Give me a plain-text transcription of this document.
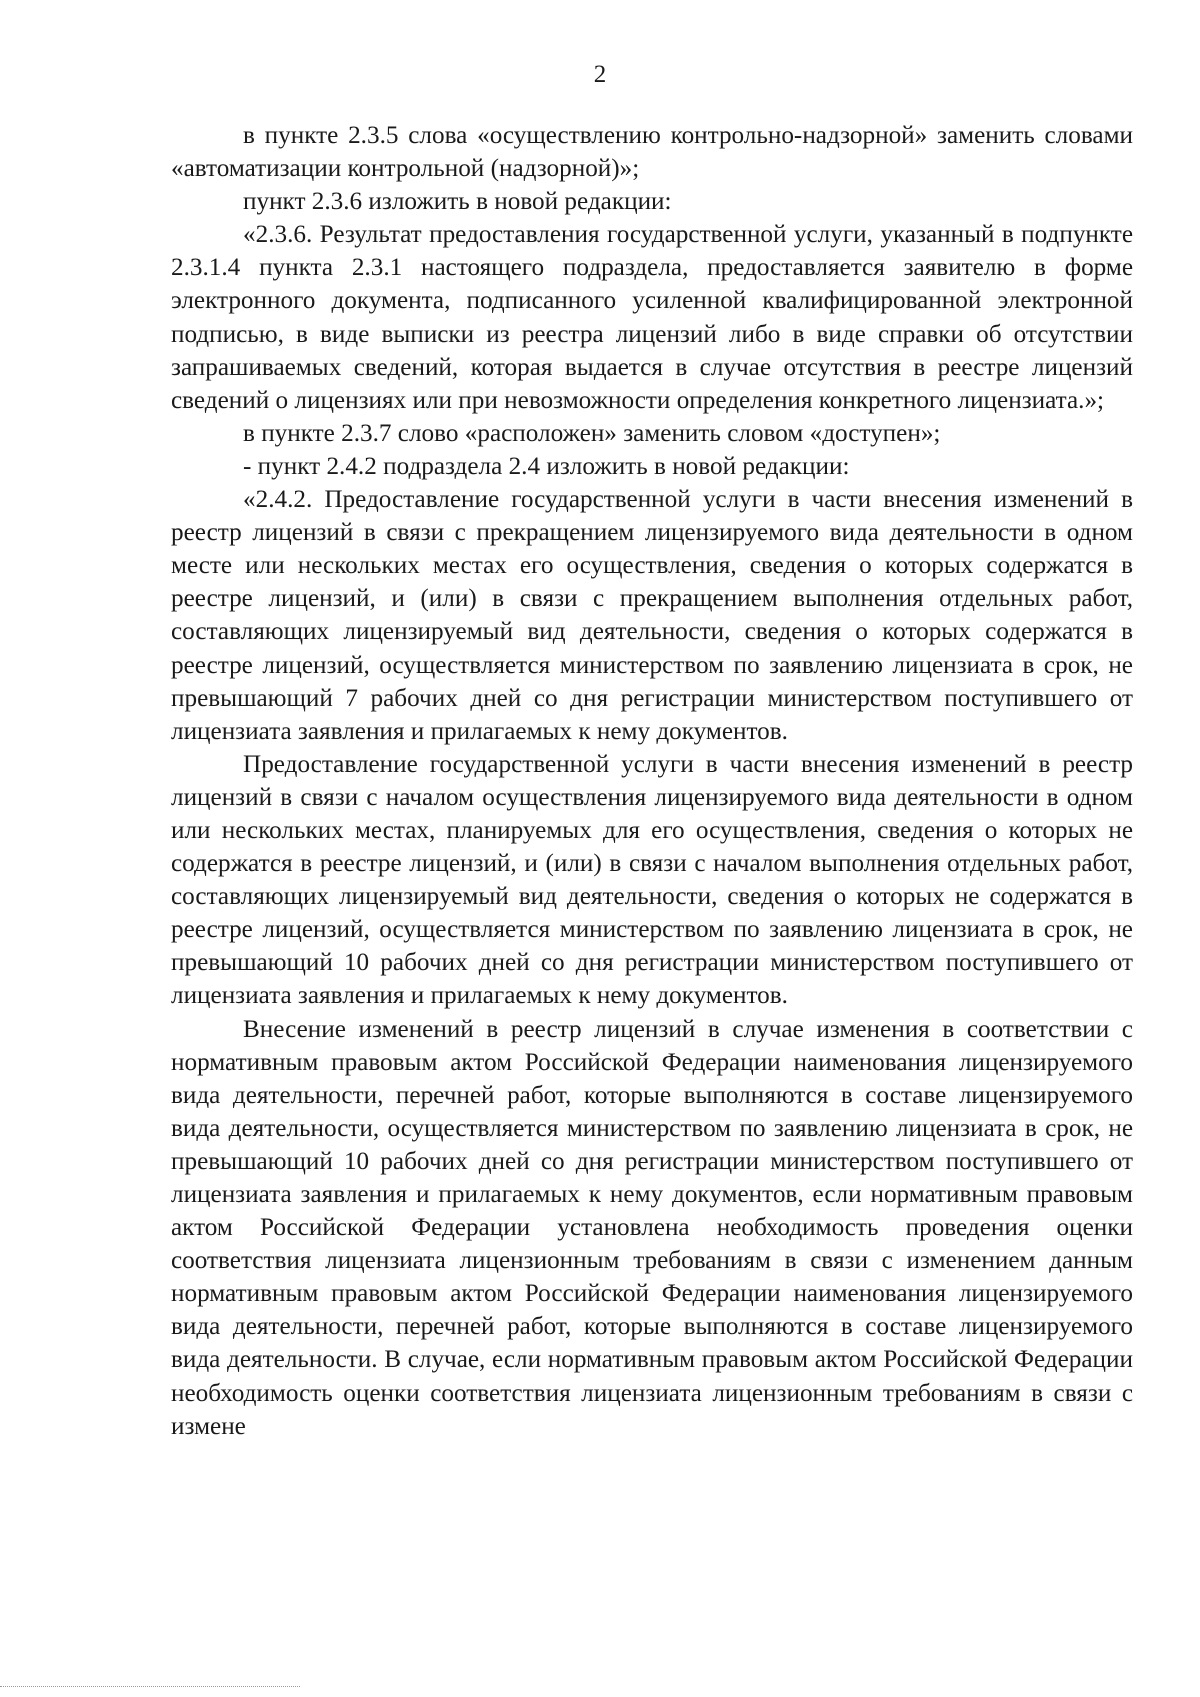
2

в пункте 2.3.5 слова «осуществлению контрольно-надзорной» заменить словами «автоматизации контрольной (надзорной)»;

пункт 2.3.6 изложить в новой редакции:

«2.3.6. Результат предоставления государственной услуги, указанный в подпункте 2.3.1.4 пункта 2.3.1 настоящего подраздела, предоставляется заявителю в форме электронного документа, подписанного усиленной квалифицированной электронной подписью, в виде выписки из реестра лицензий либо в виде справки об отсутствии запрашиваемых сведений, которая выдается в случае отсутствия в реестре лицензий сведений о лицензиях или при невозможности определения конкретного лицензиата.»;

в пункте 2.3.7 слово «расположен» заменить словом «доступен»;

- пункт 2.4.2 подраздела 2.4 изложить в новой редакции:

«2.4.2. Предоставление государственной услуги в части внесения изменений в реестр лицензий в связи с прекращением лицензируемого вида деятельности в одном месте или нескольких местах его осуществления, сведения о которых содержатся в реестре лицензий, и (или) в связи с прекращением выполнения отдельных работ, составляющих лицензируемый вид деятельности, сведения о которых содержатся в реестре лицензий, осуществляется министерством по заявлению лицензиата в срок, не превышающий 7 рабочих дней со дня регистрации министерством поступившего от лицензиата заявления и прилагаемых к нему документов.

Предоставление государственной услуги в части внесения изменений в реестр лицензий в связи с началом осуществления лицензируемого вида деятельности в одном или нескольких местах, планируемых для его осуществления, сведения о которых не содержатся в реестре лицензий, и (или) в связи с началом выполнения отдельных работ, составляющих лицензируемый вид деятельности, сведения о которых не содержатся в реестре лицензий, осуществляется министерством по заявлению лицензиата в срок, не превышающий 10 рабочих дней со дня регистрации министерством поступившего от лицензиата заявления и прилагаемых к нему документов.

Внесение изменений в реестр лицензий в случае изменения в соответствии с нормативным правовым актом Российской Федерации наименования лицензируемого вида деятельности, перечней работ, которые выполняются в составе лицензируемого вида деятельности, осуществляется министерством по заявлению лицензиата в срок, не превышающий 10 рабочих дней со дня регистрации министерством поступившего от лицензиата заявления и прилагаемых к нему документов, если нормативным правовым актом Российской Федерации установлена необходимость проведения оценки соответствия лицензиата лицензионным требованиям в связи с изменением данным нормативным правовым актом Российской Федерации наименования лицензируемого вида деятельности, перечней работ, которые выполняются в составе лицензируемого вида деятельности. В случае, если нормативным правовым актом Российской Федерации необходимость оценки соответствия лицензиата лицензионным требованиям в связи с измене
